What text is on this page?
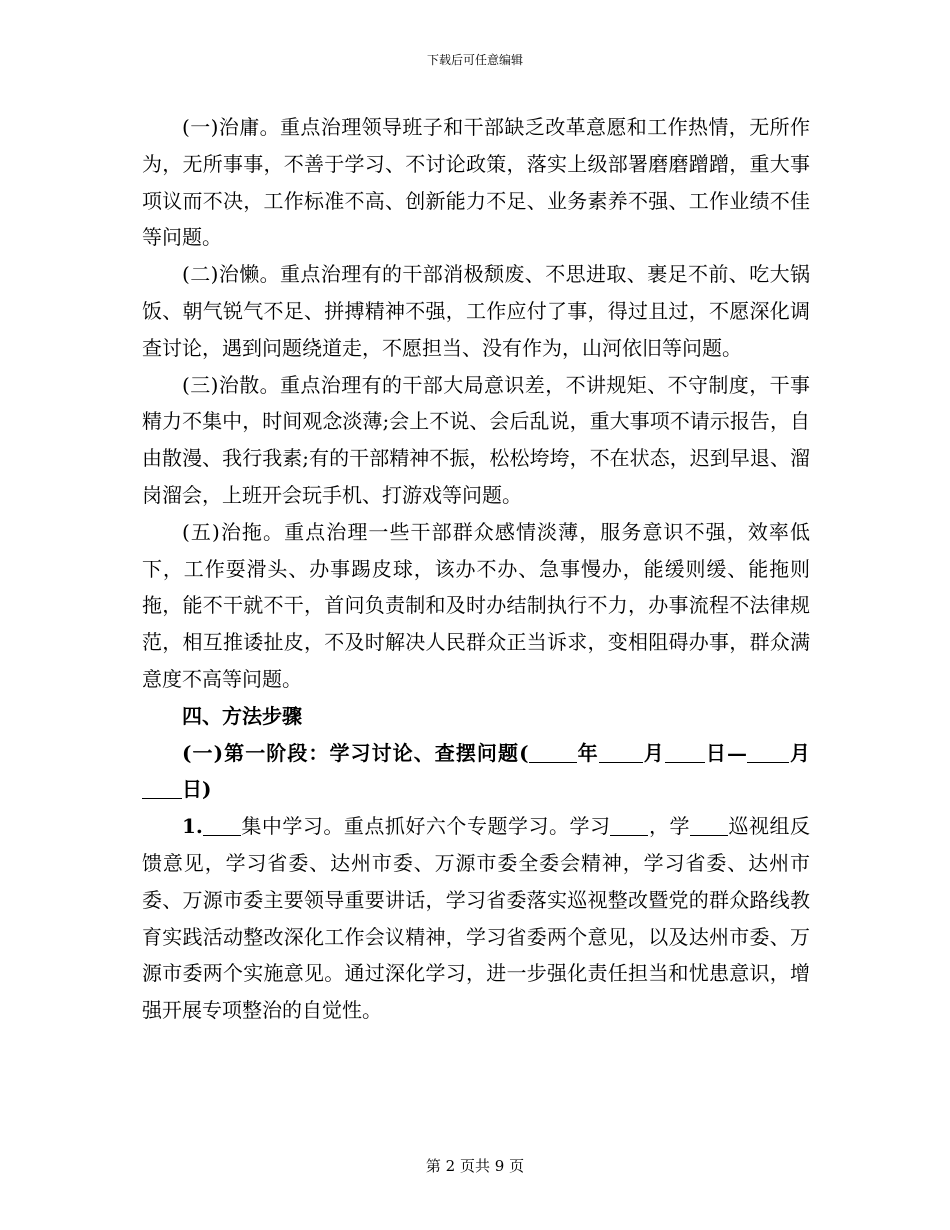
下载后可任意编辑

(一)治庸。重点治理领导班子和干部缺乏改革意愿和工作热情，无所作为，无所事事，不善于学习、不讨论政策，落实上级部署磨磨蹭蹭，重大事项议而不决，工作标准不高、创新能力不足、业务素养不强、工作业绩不佳等问题。

(二)治懒。重点治理有的干部消极颓废、不思进取、裹足不前、吃大锅饭、朝气锐气不足、拼搏精神不强，工作应付了事，得过且过，不愿深化调查讨论，遇到问题绕道走，不愿担当、没有作为，山河依旧等问题。

(三)治散。重点治理有的干部大局意识差，不讲规矩、不守制度，干事精力不集中，时间观念淡薄;会上不说、会后乱说，重大事项不请示报告，自由散漫、我行我素;有的干部精神不振，松松垮垮，不在状态，迟到早退、溜岗溜会，上班开会玩手机、打游戏等问题。

(五)治拖。重点治理一些干部群众感情淡薄，服务意识不强，效率低下，工作耍滑头、办事踢皮球，该办不办、急事慢办，能缓则缓、能拖则拖，能不干就不干，首问负责制和及时办结制执行不力，办事流程不法律规范，相互推诿扯皮，不及时解决人民群众正当诉求，变相阻碍办事，群众满意度不高等问题。

四、方法步骤

(一)第一阶段：学习讨论、查摆问题( 年 月 日— 月日)

1. 集中学习。重点抓好六个专题学习。学习 ，学 巡视组反馈意见，学习省委、达州市委、万源市委全委会精神，学习省委、达州市委、万源市委主要领导重要讲话，学习省委落实巡视整改暨党的群众路线教育实践活动整改深化工作会议精神，学习省委两个意见，以及达州市委、万源市委两个实施意见。通过深化学习，进一步强化责任担当和忧患意识，增强开展专项整治的自觉性。

第 2 页共 9 页
